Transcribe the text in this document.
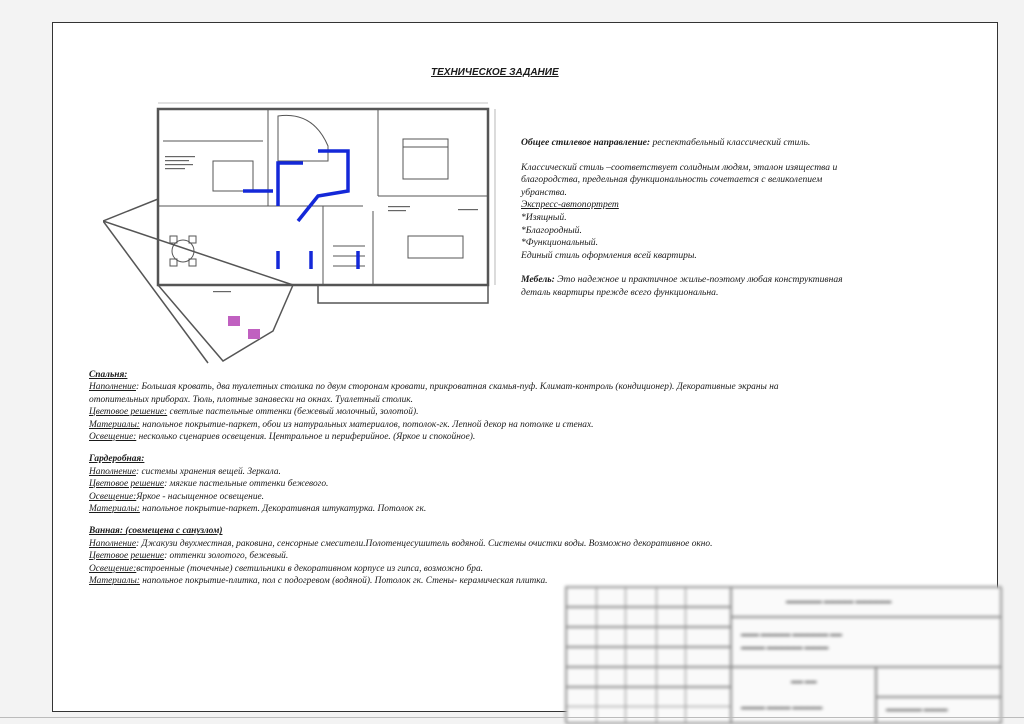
ТЕХНИЧЕСКОЕ ЗАДАНИЕ

Общее стилевое направление: респектабельный классический стиль.

Классический стиль –соответствует солидным людям, эталон изящества и

благородства, предельная функциональность сочетается с великолепием

убранства.

Экспресс-автопортрет

*Изящный.

*Благородный.

*Функциональный.

Единый стиль оформления всей квартиры.

Мебель: Это надежное и практичное жилье-поэтому любая конструктивная

деталь квартиры прежде всего функциональна.

Спальня:

Наполнение: Большая кровать, два туалетных столика по двум сторонам кровати, прикроватная скамья-пуф. Климат-контроль (кондиционер). Декоративные экраны на

отопительных приборах. Тюль, плотные занавески на окнах. Туалетный столик.

Цветовое решение: светлые пастельные оттенки (бежевый молочный, золотой).

Материалы: напольное покрытие-паркет, обои из натуральных материалов, потолок-гк. Лепной декор на потолке и стенах.

Освещение: несколько сценариев освещения. Центральное и периферийное. (Яркое и спокойное).

Гардеробная:

Наполнение: системы хранения вещей. Зеркала.

Цветовое решение: мягкие пастельные оттенки бежевого.

Освещение:Яркое - насыщенное освещение.

Материалы: напольное покрытие-паркет. Декоративная штукатурка. Потолок гк.

Ванная: (совмещена с санузлом)

Наполнение: Джакузи двухместная, раковина, сенсорные смесители.Полотенцесушитель водяной. Системы очистки воды. Возможно декоративное окно.

Цветовое решение: оттенки золотого, бежевый.

Освещение:встроенные (точечные) светильники в декоративном корпусе из гипса, возможно бра.

Материалы: напольное покрытие-плитка, пол с подогревом (водяной). Потолок гк. Стены- керамическая плитка.

▬▬▬▬▬▬ ▬▬▬▬▬ ▬▬▬▬▬▬
▬▬▬ ▬▬▬▬▬ ▬▬▬▬▬▬ ▬▬
▬▬▬▬ ▬▬▬▬▬▬ ▬▬▬▬
▬▬ ▬▬
▬▬▬▬ ▬▬▬▬ ▬▬▬▬▬	▬▬▬▬▬▬ ▬▬▬▬
